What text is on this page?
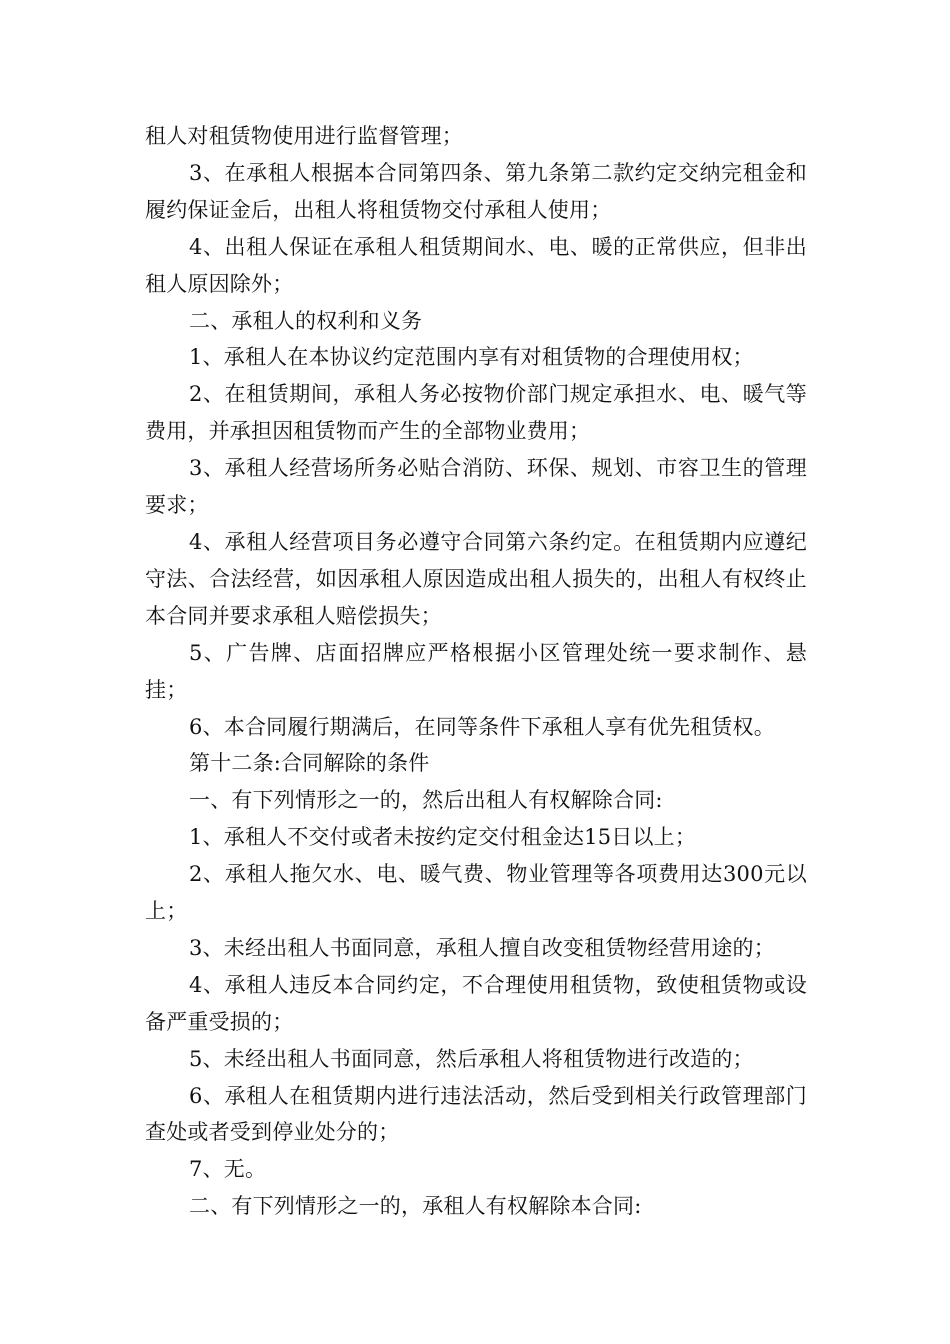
租人对租赁物使用进行监督管理；

3、在承租人根据本合同第四条、第九条第二款约定交纳完租金和履约保证金后，出租人将租赁物交付承租人使用；

4、出租人保证在承租人租赁期间水、电、暖的正常供应，但非出租人原因除外；

二、承租人的权利和义务

1、承租人在本协议约定范围内享有对租赁物的合理使用权；

2、在租赁期间，承租人务必按物价部门规定承担水、电、暖气等费用，并承担因租赁物而产生的全部物业费用；

3、承租人经营场所务必贴合消防、环保、规划、市容卫生的管理要求；

4、承租人经营项目务必遵守合同第六条约定。在租赁期内应遵纪守法、合法经营，如因承租人原因造成出租人损失的，出租人有权终止本合同并要求承租人赔偿损失；

5、广告牌、店面招牌应严格根据小区管理处统一要求制作、悬挂；

6、本合同履行期满后，在同等条件下承租人享有优先租赁权。

第十二条:合同解除的条件

一、有下列情形之一的，然后出租人有权解除合同:

1、承租人不交付或者未按约定交付租金达15日以上；

2、承租人拖欠水、电、暖气费、物业管理等各项费用达300元以上；

3、未经出租人书面同意，承租人擅自改变租赁物经营用途的；

4、承租人违反本合同约定，不合理使用租赁物，致使租赁物或设备严重受损的；

5、未经出租人书面同意，然后承租人将租赁物进行改造的；

6、承租人在租赁期内进行违法活动，然后受到相关行政管理部门查处或者受到停业处分的；

7、无。

二、有下列情形之一的，承租人有权解除本合同:
